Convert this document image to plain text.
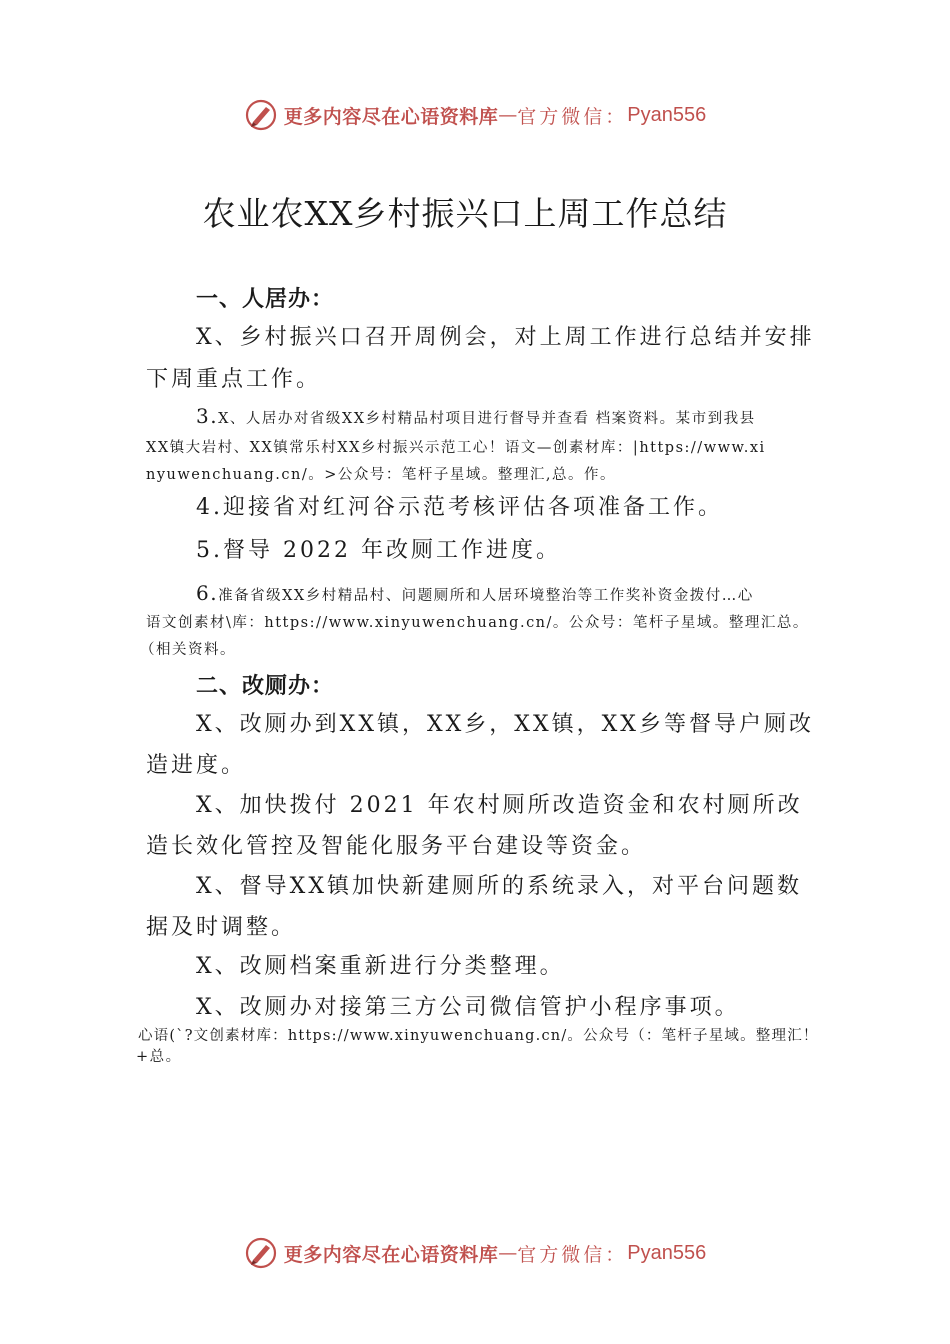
更多内容尽在心语资料库 — 官方微信： Pyan556
农业农XX乡村振兴口上周工作总结
一、人居办：
X、乡村振兴口召开周例会，对上周工作进行总结并安排
下周重点工作。
3.X、人居办对省级XX乡村精品村项目进行督导并查看 档案资料。某市到我县
XX镇大岩村、XX镇常乐村XX乡村振兴示范工心！语文—创素材库：|https://www.xi
nyuwenchuang.cn/。>公众号：笔杆子星域。整理汇,总。作。
4.迎接省对红河谷示范考核评估各项准备工作。
5.督导 2022 年改厕工作进度。
6.准备省级XX乡村精品村、问题厕所和人居环境整治等工作奖补资金拨付…心
语文创素材\库：https://www.xinyuwenchuang.cn/。公众号：笔杆子星域。整理汇总。
（相关资料。
二、改厕办：
X、改厕办到XX镇，XX乡，XX镇，XX乡等督导户厕改
造进度。
X、加快拨付 2021 年农村厕所改造资金和农村厕所改
造长效化管控及智能化服务平台建设等资金。
X、督导XX镇加快新建厕所的系统录入，对平台问题数
据及时调整。
X、改厕档案重新进行分类整理。
X、改厕办对接第三方公司微信管护小程序事项。
心语(`?文创素材库：https://www.xinyuwenchuang.cn/。公众号（：笔杆子星域。整理汇！
+总。
更多内容尽在心语资料库 — 官方微信： Pyan556
